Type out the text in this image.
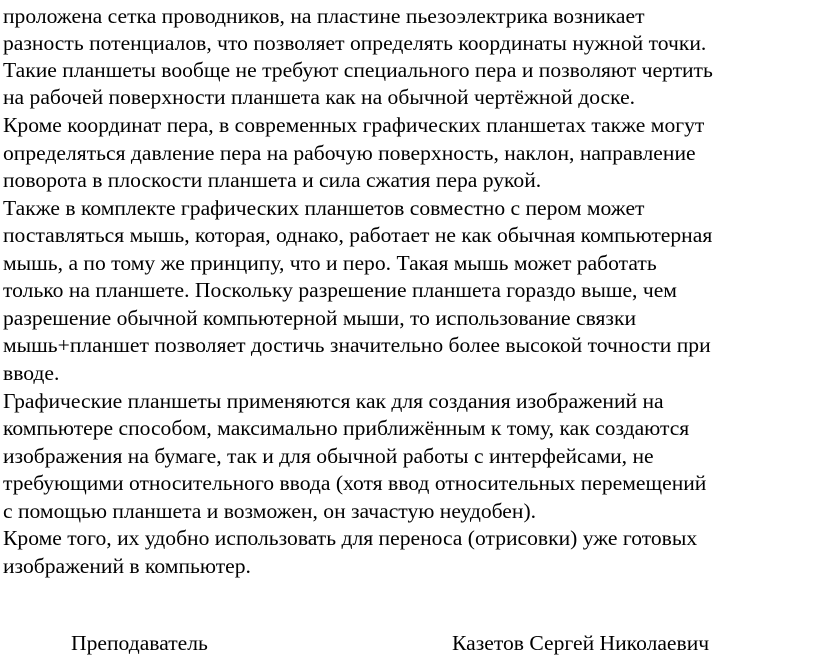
проложена сетка проводников, на пластине пьезоэлектрика возникает
разность потенциалов, что позволяет определять координаты нужной точки.
Такие планшеты вообще не требуют специального пера и позволяют чертить
на рабочей поверхности планшета как на обычной чертёжной доске.
Кроме координат пера, в современных графических планшетах также могут
определяться давление пера на рабочую поверхность, наклон, направление
поворота в плоскости планшета и сила сжатия пера рукой.
Также в комплекте графических планшетов совместно с пером может
поставляться мышь, которая, однако, работает не как обычная компьютерная
мышь, а по тому же принципу, что и перо. Такая мышь может работать
только на планшете. Поскольку разрешение планшета гораздо выше, чем
разрешение обычной компьютерной мыши, то использование связки
мышь+планшет позволяет достичь значительно более высокой точности при
вводе.
Графические планшеты применяются как для создания изображений на
компьютере способом, максимально приближённым к тому, как создаются
изображения на бумаге, так и для обычной работы с интерфейсами, не
требующими относительного ввода (хотя ввод относительных перемещений
с помощью планшета и возможен, он зачастую неудобен).
Кроме того, их удобно использовать для переноса (отрисовки) уже готовых
изображений в компьютер.
Преподаватель	Казетов Сергей Николаевич
